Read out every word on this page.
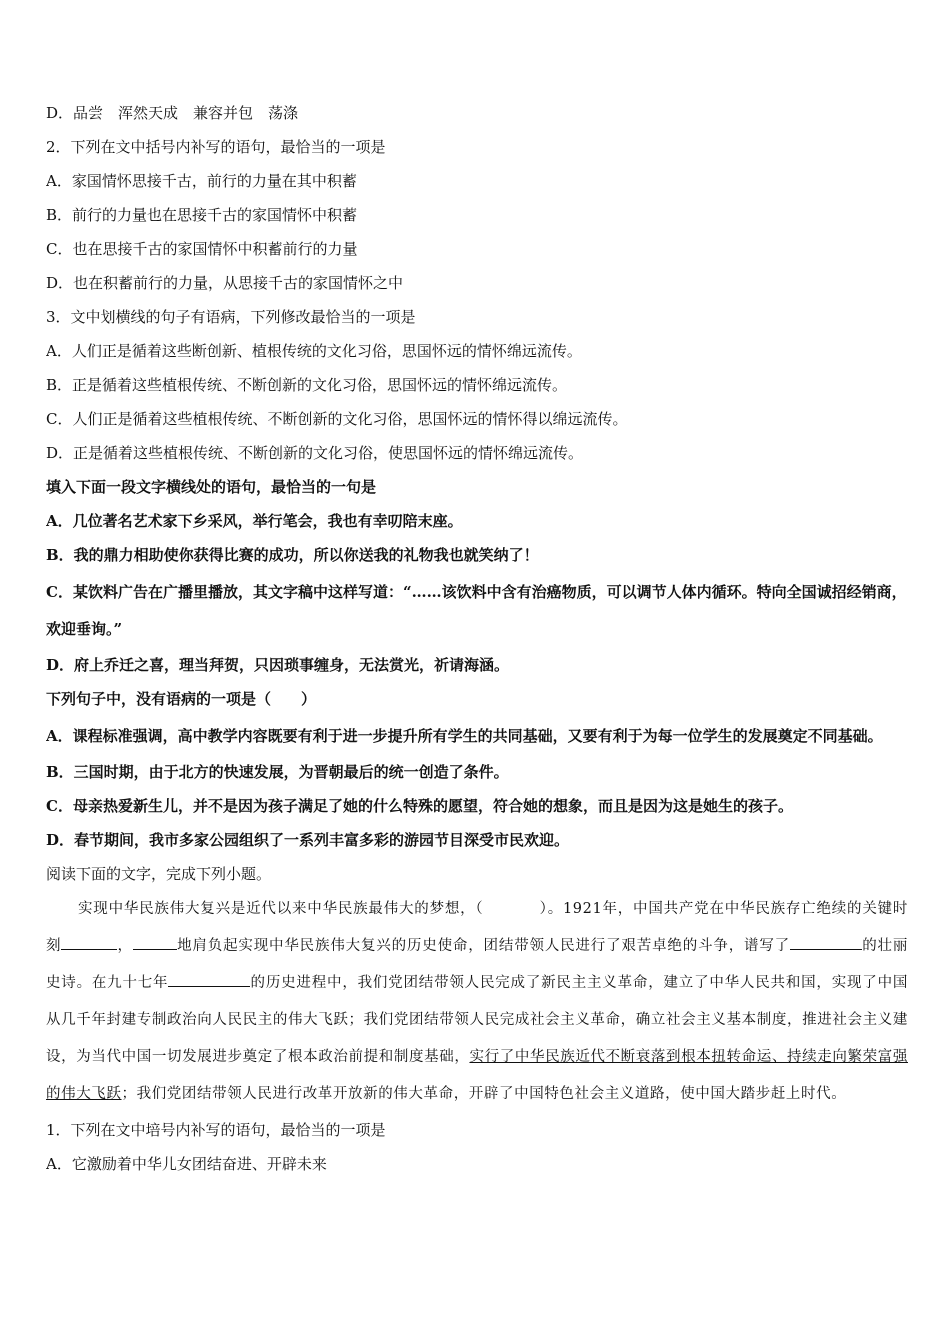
D．品尝　浑然天成　兼容并包　荡涤
2．下列在文中括号内补写的语句，最恰当的一项是
A．家国情怀思接千古，前行的力量在其中积蓄
B．前行的力量也在思接千古的家国情怀中积蓄
C．也在思接千古的家国情怀中积蓄前行的力量
D．也在积蓄前行的力量，从思接千古的家国情怀之中
3．文中划横线的句子有语病，下列修改最恰当的一项是
A．人们正是循着这些断创新、植根传统的文化习俗，思国怀远的情怀绵远流传。
B．正是循着这些植根传统、不断创新的文化习俗，思国怀远的情怀绵远流传。
C．人们正是循着这些植根传统、不断创新的文化习俗，思国怀远的情怀得以绵远流传。
D．正是循着这些植根传统、不断创新的文化习俗，使思国怀远的情怀绵远流传。
填入下面一段文字横线处的语句，最恰当的一句是
A．几位著名艺术家下乡采风，举行笔会，我也有幸叨陪末座。
B．我的鼎力相助使你获得比赛的成功，所以你送我的礼物我也就笑纳了！
C．某饮料广告在广播里播放，其文字稿中这样写道：“……该饮料中含有治癌物质，可以调节人体内循环。特向全国诚招经销商，欢迎垂询。”
D．府上乔迁之喜，理当拜贺，只因琐事缠身，无法赏光，祈请海涵。
下列句子中，没有语病的一项是（　　）
A．课程标准强调，高中教学内容既要有利于进一步提升所有学生的共同基础，又要有利于为每一位学生的发展奠定不同基础。
B．三国时期，由于北方的快速发展，为晋朝最后的统一创造了条件。
C．母亲热爱新生儿，并不是因为孩子满足了她的什么特殊的愿望，符合她的想象，而且是因为这是她生的孩子。
D．春节期间，我市多家公园组织了一系列丰富多彩的游园节目深受市民欢迎。
阅读下面的文字，完成下列小题。
实现中华民族伟大复兴是近代以来中华民族最伟大的梦想，（	）。1921年，中国共产党在中华民族存亡绝续的关键时刻	，	地肩负起实现中华民族伟大复兴的历史使命，团结带领人民进行了艰苦卓绝的斗争，谱写了	的壮丽史诗。在九十七年	的历史进程中，我们党团结带领人民完成了新民主主义革命，建立了中华人民共和国，实现了中国从几千年封建专制政治向人民民主的伟大飞跃；我们党团结带领人民完成社会主义革命，确立社会主义基本制度，推进社会主义建设，为当代中国一切发展进步奠定了根本政治前提和制度基础，实行了中华民族近代不断衰落到根本扭转命运、持续走向繁荣富强的伟大飞跃；我们党团结带领人民进行改革开放新的伟大革命，开辟了中国特色社会主义道路，使中国大踏步赶上时代。
1．下列在文中培号内补写的语句，最恰当的一项是
A．它激励着中华儿女团结奋进、开辟未来
